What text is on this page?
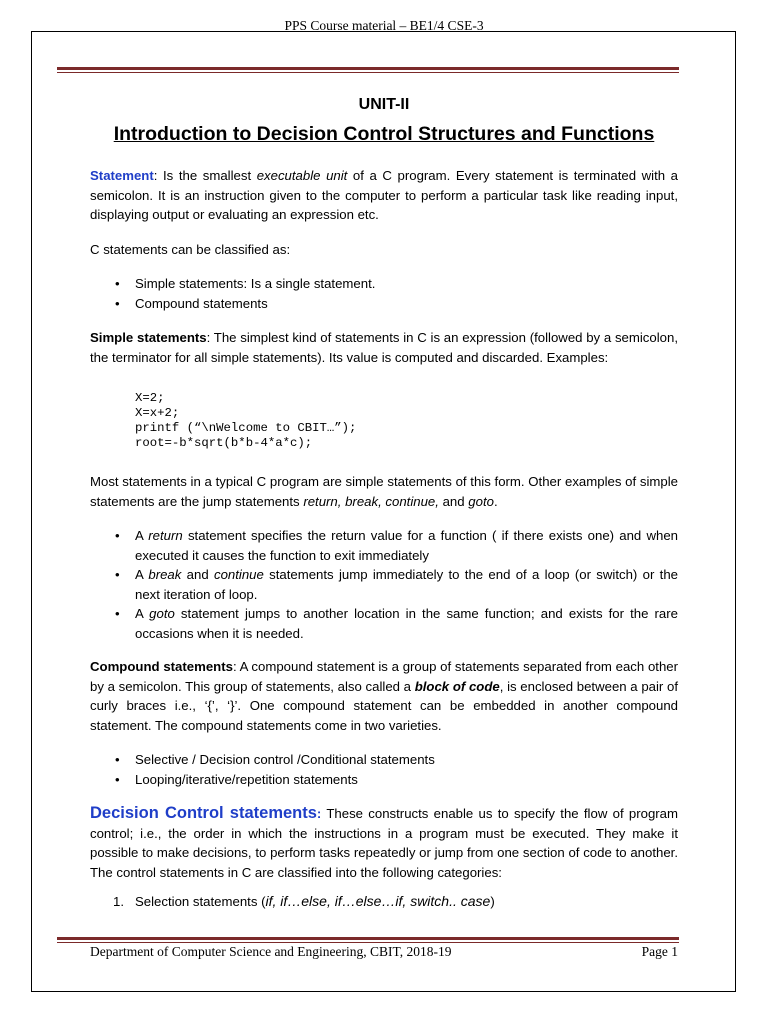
PPS Course material – BE1/4 CSE-3
UNIT-II
Introduction to Decision Control Structures and Functions

Statement: Is the smallest executable unit of a C program. Every statement is terminated with a semicolon. It is an instruction given to the computer to perform a particular task like reading input, displaying output or evaluating an expression etc.

C statements can be classified as:

• Simple statements: Is a single statement.
• Compound statements

Simple statements: The simplest kind of statements in C is an expression (followed by a semicolon, the terminator for all simple statements). Its value is computed and discarded. Examples:

X=2;
X=x+2;
printf (“\nWelcome to CBIT…”);
root=-b*sqrt(b*b-4*a*c);

Most statements in a typical C program are simple statements of this form. Other examples of simple statements are the jump statements return, break, continue, and goto.

• A return statement specifies the return value for a function ( if there exists one) and when executed it causes the function to exit immediately
• A break and continue statements jump immediately to the end of a loop (or switch) or the next iteration of loop.
• A goto statement jumps to another location in the same function; and exists for the rare occasions when it is needed.

Compound statements: A compound statement is a group of statements separated from each other by a semicolon. This group of statements, also called a block of code, is enclosed between a pair of curly braces i.e., ‘{’, ‘}’. One compound statement can be embedded in another compound statement. The compound statements come in two varieties.

• Selective / Decision control /Conditional statements
• Looping/iterative/repetition statements

Decision Control statements: These constructs enable us to specify the flow of program control; i.e., the order in which the instructions in a program must be executed. They make it possible to make decisions, to perform tasks repeatedly or jump from one section of code to another. The control statements in C are classified into the following categories:

1. Selection statements (if, if…else, if…else…if, switch.. case)
Department of Computer Science and Engineering, CBIT, 2018-19	Page 1
